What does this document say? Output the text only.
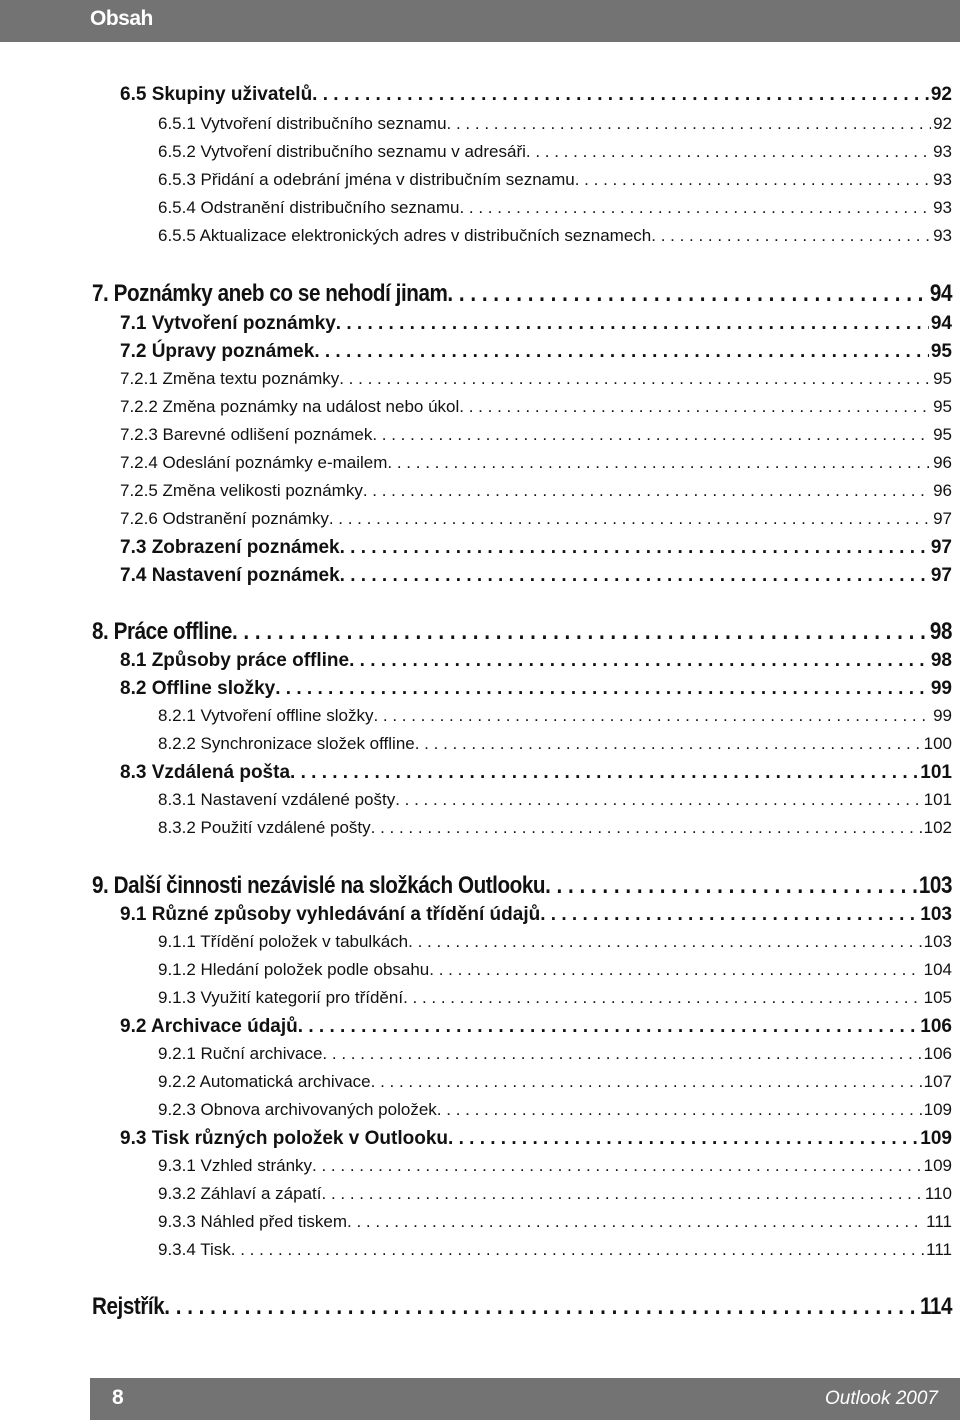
Obsah
6.5 Skupiny uživatelů . . .	92
6.5.1 Vytvoření distribučního seznamu . . .	92
6.5.2 Vytvoření distribučního seznamu v adresáři . . .	93
6.5.3 Přidání a odebrání jména v distribučním seznamu . . .	93
6.5.4 Odstranění distribučního seznamu . . .	93
6.5.5 Aktualizace elektronických adres v distribučních seznamech . . .	93
7. Poznámky aneb co se nehodí jinam . . .	94
7.1 Vytvoření poznámky . . .	94
7.2 Úpravy poznámek . . .	95
7.2.1 Změna textu poznámky . . .	95
7.2.2 Změna poznámky na událost nebo úkol . . .	95
7.2.3 Barevné odlišení poznámek . . .	95
7.2.4 Odeslání poznámky e-mailem . . .	96
7.2.5 Změna velikosti poznámky . . .	96
7.2.6 Odstranění poznámky . . .	97
7.3 Zobrazení poznámek . . .	97
7.4 Nastavení poznámek . . .	97
8. Práce offline . . .	98
8.1 Způsoby práce offline . . .	98
8.2 Offline složky . . .	99
8.2.1 Vytvoření offline složky . . .	99
8.2.2 Synchronizace složek offline . . .	100
8.3 Vzdálená pošta . . .	101
8.3.1 Nastavení vzdálené pošty . . .	101
8.3.2 Použití vzdálené pošty . . .	102
9. Další činnosti nezávislé na složkách Outlooku . . .	103
9.1 Různé způsoby vyhledávání a třídění údajů . . .	103
9.1.1 Třídění položek v tabulkách . . .	103
9.1.2 Hledání položek podle obsahu . . .	104
9.1.3 Využití kategorií pro třídění . . .	105
9.2 Archivace údajů . . .	106
9.2.1 Ruční archivace . . .	106
9.2.2 Automatická archivace . . .	107
9.2.3 Obnova archivovaných položek . . .	109
9.3 Tisk různých položek v Outlooku . . .	109
9.3.1 Vzhled stránky . . .	109
9.3.2 Záhlaví a zápatí . . .	110
9.3.3 Náhled před tiskem . . .	111
9.3.4 Tisk . . .	111
Rejstřík . . .	114
8	Outlook 2007
